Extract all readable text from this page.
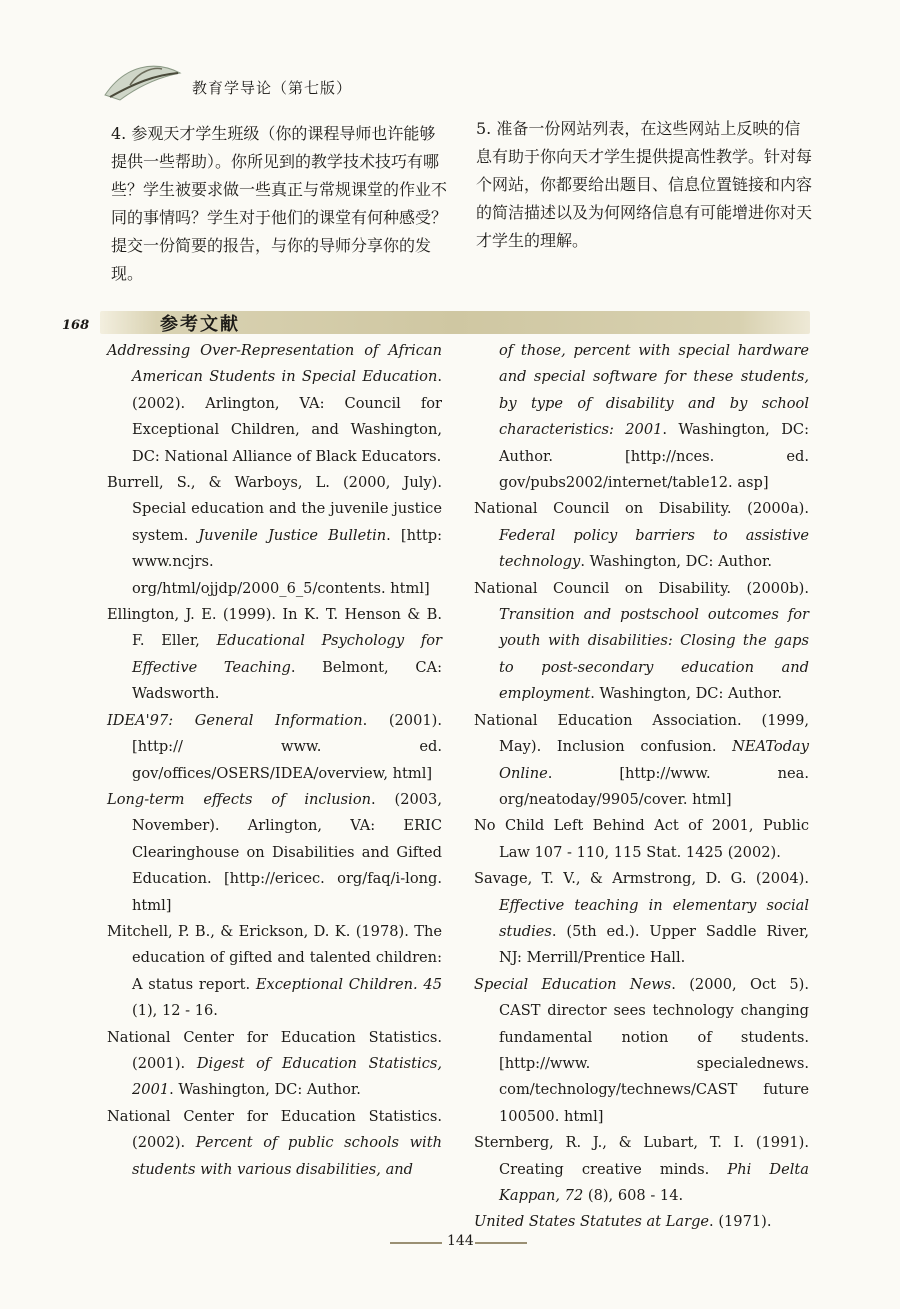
教育学导论（第七版）

4. 参观天才学生班级（你的课程导师也许能够提供一些帮助）。你所见到的教学技术技巧有哪些？学生被要求做一些真正与常规课堂的作业不同的事情吗？学生对于他们的课堂有何种感受？提交一份简要的报告，与你的导师分享你的发现。

5. 准备一份网站列表，在这些网站上反映的信息有助于你向天才学生提供提高性教学。针对每个网站，你都要给出题目、信息位置链接和内容的简洁描述以及为何网络信息有可能增进你对天才学生的理解。

168	参考文献

Addressing Over-Representation of African American Students in Special Education. (2002). Arlington, VA: Council for Exceptional Children, and Washington, DC: National Alliance of Black Educators.

Burrell, S., & Warboys, L. (2000, July). Special education and the juvenile justice system. Juvenile Justice Bulletin. [http: www.ncjrs. org/html/ojjdp/2000_6_5/contents. html]

Ellington, J. E. (1999). In K. T. Henson & B. F. Eller, Educational Psychology for Effective Teaching. Belmont, CA: Wadsworth.

IDEA'97: General Information. (2001). [http:// www. ed. gov/offices/OSERS/IDEA/overview, html]

Long-term effects of inclusion. (2003, November). Arlington, VA: ERIC Clearinghouse on Disabilities and Gifted Education. [http://ericec. org/faq/i-long. html]

Mitchell, P. B., & Erickson, D. K. (1978). The education of gifted and talented children: A status report. Exceptional Children. 45 (1), 12 - 16.

National Center for Education Statistics. (2001). Digest of Education Statistics, 2001. Washington, DC: Author.

National Center for Education Statistics. (2002). Percent of public schools with students with various disabilities, and

of those, percent with special hardware and special software for these students, by type of disability and by school characteristics: 2001. Washington, DC: Author. [http://nces. ed. gov/pubs2002/internet/table12. asp]

National Council on Disability. (2000a). Federal policy barriers to assistive technology. Washington, DC: Author.

National Council on Disability. (2000b). Transition and postschool outcomes for youth with disabilities: Closing the gaps to post-secondary education and employment. Washington, DC: Author.

National Education Association. (1999, May). Inclusion confusion. NEAToday Online. [http://www. nea. org/neatoday/9905/cover. html]

No Child Left Behind Act of 2001, Public Law 107 - 110, 115 Stat. 1425 (2002).

Savage, T. V., & Armstrong, D. G. (2004). Effective teaching in elementary social studies. (5th ed.). Upper Saddle River, NJ: Merrill/Prentice Hall.

Special Education News. (2000, Oct 5). CAST director sees technology changing fundamental notion of students. [http://www. specialednews. com/technology/technews/CAST future 100500. html]

Sternberg, R. J., & Lubart, T. I. (1991). Creating creative minds. Phi Delta Kappan, 72 (8), 608 - 14.

United States Statutes at Large. (1971).

144
